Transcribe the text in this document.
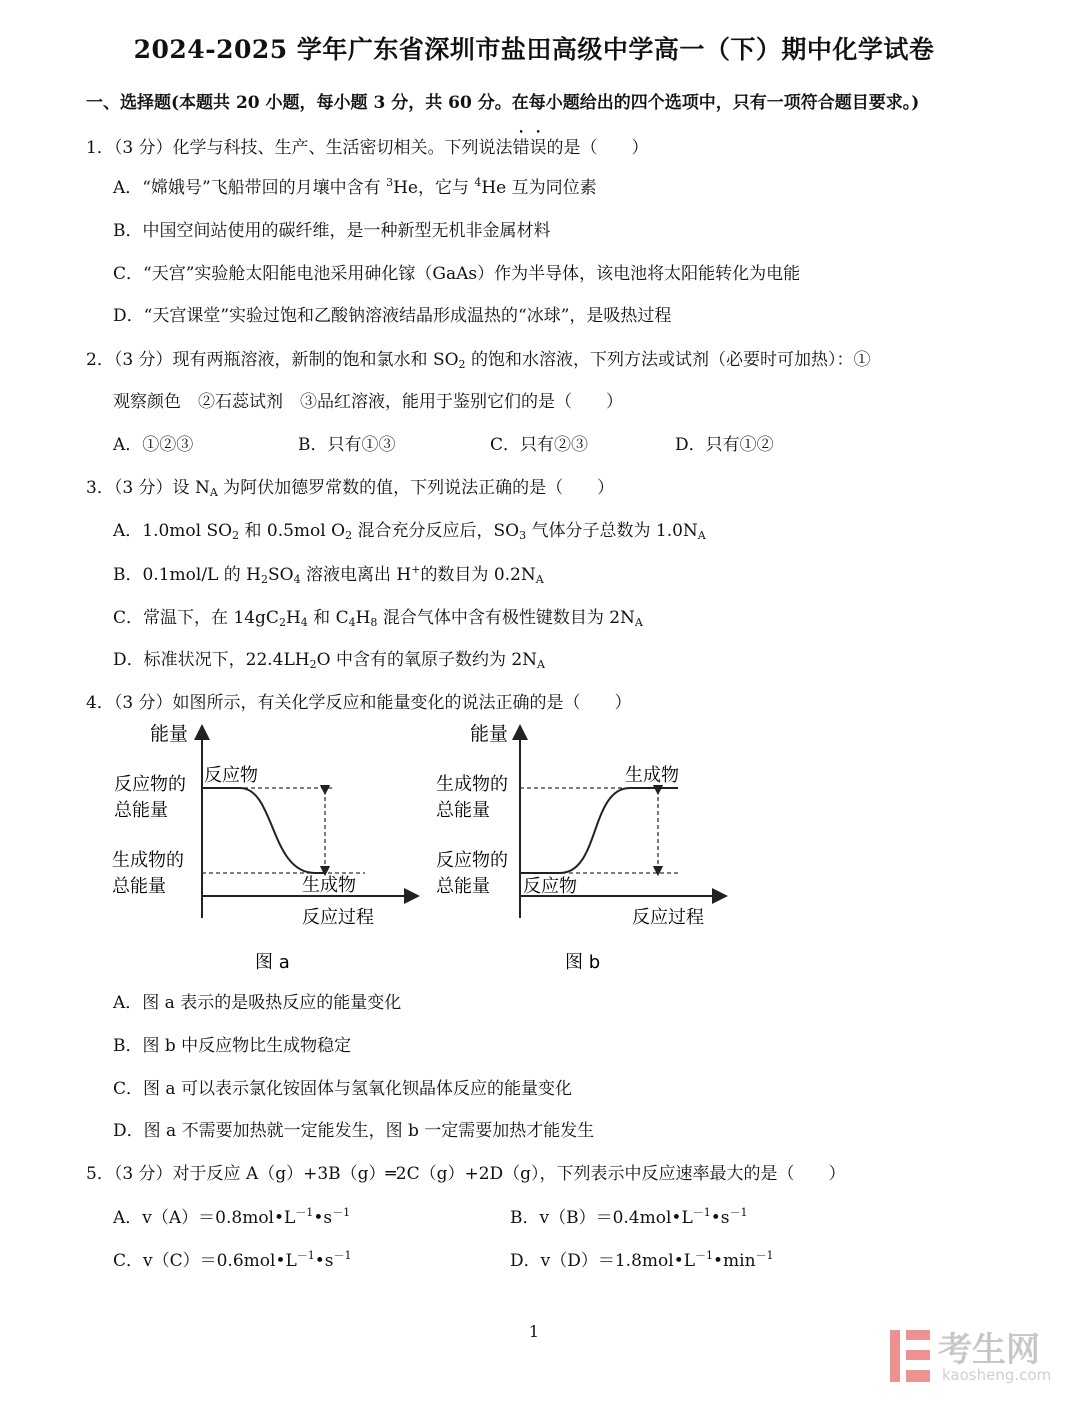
2024-2025 学年广东省深圳市盐田高级中学高一（下）期中化学试卷
一、选择题(本题共 20 小题，每小题 3 分，共 60 分。在每小题给出的四个选项中，只有一项符合题目要求。)
1．（3 分）化学与科技、生产、生活密切相关。下列说法错误的是（　　）
A．“嫦娥号”飞船带回的月壤中含有 $^3$He，它与 $^4$He 互为同位素
B．中国空间站使用的碳纤维，是一种新型无机非金属材料
C．“天宫”实验舱太阳能电池采用砷化镓（GaAs）作为半导体，该电池将太阳能转化为电能
D．“天宫课堂”实验过饱和乙酸钠溶液结晶形成温热的“冰球”，是吸热过程
2．（3 分）现有两瓶溶液，新制的饱和氯水和 $SO_2$ 的饱和水溶液，下列方法或试剂（必要时可加热）：①
观察颜色　②石蕊试剂　③品红溶液，能用于鉴别它们的是（　　）
A．①②③	B．只有①③	C．只有②③	D．只有①②
3．（3 分）设 $N_A$ 为阿伏加德罗常数的值，下列说法正确的是（　　）
A．1.0mol $SO_2$ 和 0.5mol $O_2$ 混合充分反应后，$SO_3$ 气体分子总数为 $1.0N_A$
B．0.1mol/L 的 $H_2SO_4$ 溶液电离出 H+的数目为 $0.2N_A$
C．常温下，在 $14gC_2H_4$ 和 $C_4H_8$ 混合气体中含有极性键数目为 $2N_A$
D．标准状况下，$22.4LH_2O$ 中含有的氧原子数约为 $2N_A$
4．（3 分）如图所示，有关化学反应和能量变化的说法正确的是（　　）
能量
反应物
反应物的
总能量
生成物的
总能量	生成物
反应过程
图 a
能量
生成物的
总能量
生成物
反应物的
总能量 反应物
反应过程
图 b
A．图 a 表示的是吸热反应的能量变化
B．图 b 中反应物比生成物稳定
C．图 a 可以表示氯化铵固体与氢氧化钡晶体反应的能量变化
D．图 a 不需要加热就一定能发生，图 b 一定需要加热才能发生
5．（3 分）对于反应 A（g）+3B（g）═2C（g）+2D（g），下列表示中反应速率最大的是（　　）
A．$v(A)=0.8mol•L^{-1}•s^{-1}$	B．$v(B)=0.4mol•L^{-1}•s^{-1}$
C．$v(C)=0.6mol•L^{-1}•s^{-1}$	D．$v(D)=1.8mol•L^{-1}•\min^{-1}$
1	考生网
kaosheng.com
